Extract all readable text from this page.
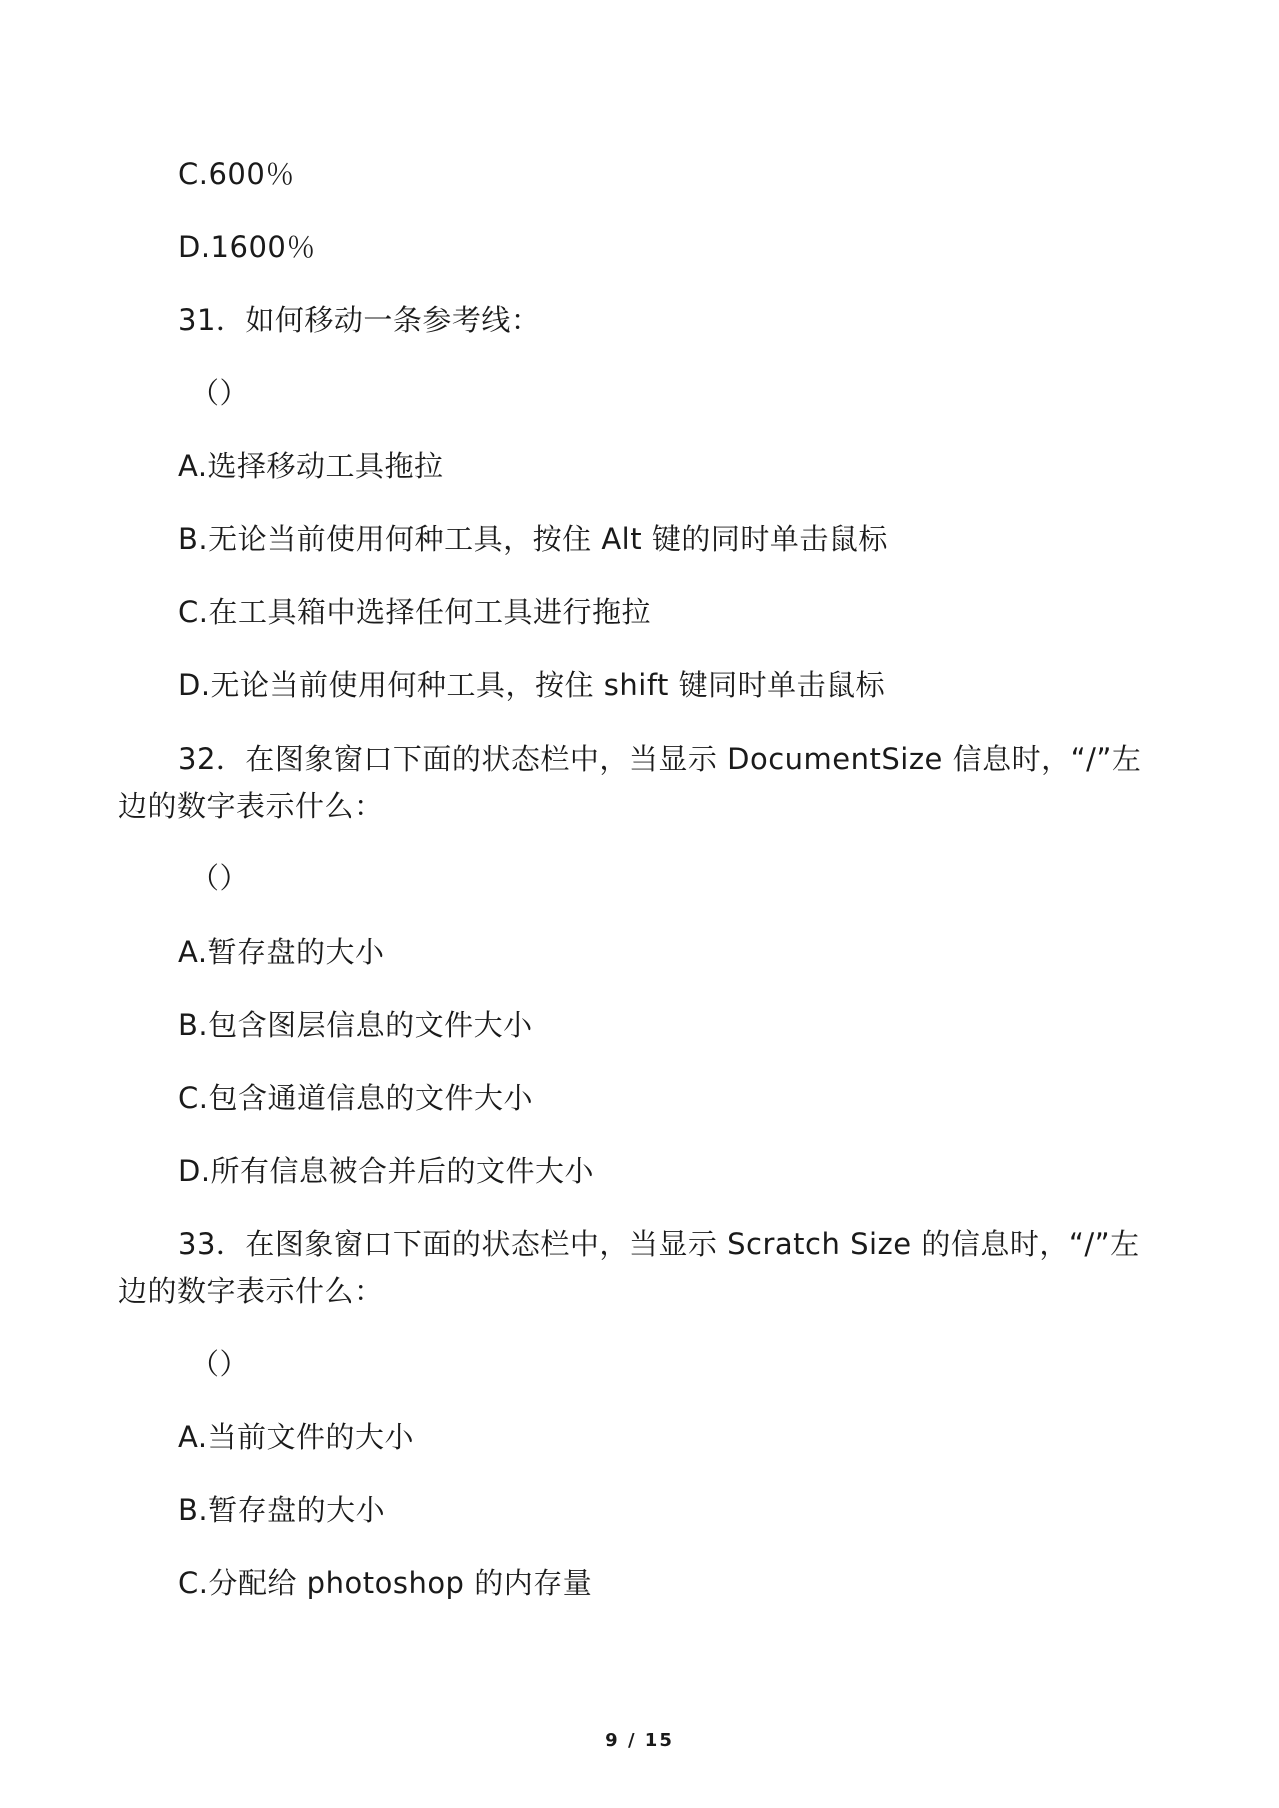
C.600％
D.1600％
31．如何移动一条参考线：
（）
A.选择移动工具拖拉
B.无论当前使用何种工具，按住 Alt 键的同时单击鼠标
C.在工具箱中选择任何工具进行拖拉
D.无论当前使用何种工具，按住 shift 键同时单击鼠标
32．在图象窗口下面的状态栏中，当显示 DocumentSize 信息时，“/”左边的数字表示什么：
（）
A.暂存盘的大小
B.包含图层信息的文件大小
C.包含通道信息的文件大小
D.所有信息被合并后的文件大小
33．在图象窗口下面的状态栏中，当显示 Scratch Size 的信息时，“/”左边的数字表示什么：
（）
A.当前文件的大小
B.暂存盘的大小
C.分配给 photoshop 的内存量
9 / 15
